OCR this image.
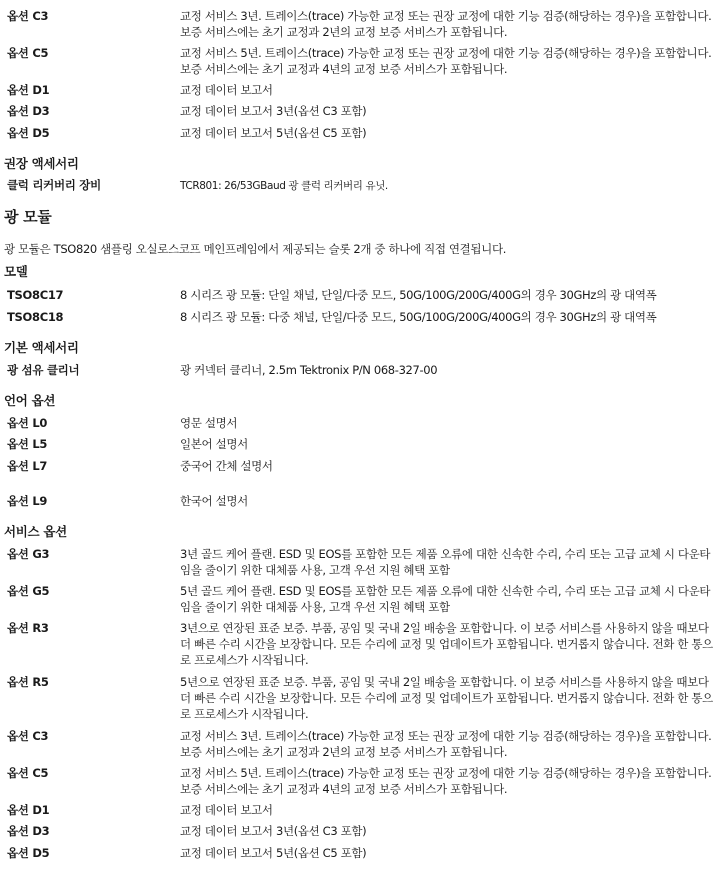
옵션 C3	교정 서비스 3년. 트레이스(trace) 가능한 교정 또는 권장 교정에 대한 기능 검증(해당하는 경우)을 포함합니다. 보증 서비스에는 초기 교정과 2년의 교정 보증 서비스가 포함됩니다.
옵션 C5	교정 서비스 5년. 트레이스(trace) 가능한 교정 또는 권장 교정에 대한 기능 검증(해당하는 경우)을 포함합니다. 보증 서비스에는 초기 교정과 4년의 교정 보증 서비스가 포함됩니다.
옵션 D1	교정 데이터 보고서
옵션 D3	교정 데이터 보고서 3년(옵션 C3 포함)
옵션 D5	교정 데이터 보고서 5년(옵션 C5 포함)
권장 액세서리
클럭 리커버리 장비	TCR801: 26/53GBaud 광 클럭 리커버리 유닛.
광 모듈
광 모듈은 TSO820 샘플링 오실로스코프 메인프레임에서 제공되는 슬롯 2개 중 하나에 직접 연결됩니다.
모델
TSO8C17	8 시리즈 광 모듈: 단일 채널, 단일/다중 모드, 50G/100G/200G/400G의 경우 30GHz의 광 대역폭
TSO8C18	8 시리즈 광 모듈: 다중 채널, 단일/다중 모드, 50G/100G/200G/400G의 경우 30GHz의 광 대역폭
기본 액세서리
광 섬유 클리너	광 커넥터 클리너, 2.5m Tektronix P/N 068-327-00
언어 옵션
옵션 L0	영문 설명서
옵션 L5	일본어 설명서
옵션 L7	중국어 간체 설명서
옵션 L9	한국어 설명서
서비스 옵션
옵션 G3	3년 골드 케어 플랜. ESD 및 EOS를 포함한 모든 제품 오류에 대한 신속한 수리, 수리 또는 고급 교체 시 다운타임을 줄이기 위한 대체품 사용, 고객 우선 지원 혜택 포함
옵션 G5	5년 골드 케어 플랜. ESD 및 EOS를 포함한 모든 제품 오류에 대한 신속한 수리, 수리 또는 고급 교체 시 다운타임을 줄이기 위한 대체품 사용, 고객 우선 지원 혜택 포함
옵션 R3	3년으로 연장된 표준 보증. 부품, 공임 및 국내 2일 배송을 포함합니다. 이 보증 서비스를 사용하지 않을 때보다 더 빠른 수리 시간을 보장합니다. 모든 수리에 교정 및 업데이트가 포함됩니다. 번거롭지 않습니다. 전화 한 통으로 프로세스가 시작됩니다.
옵션 R5	5년으로 연장된 표준 보증. 부품, 공임 및 국내 2일 배송을 포함합니다. 이 보증 서비스를 사용하지 않을 때보다 더 빠른 수리 시간을 보장합니다. 모든 수리에 교정 및 업데이트가 포함됩니다. 번거롭지 않습니다. 전화 한 통으로 프로세스가 시작됩니다.
옵션 C3	교정 서비스 3년. 트레이스(trace) 가능한 교정 또는 권장 교정에 대한 기능 검증(해당하는 경우)을 포함합니다. 보증 서비스에는 초기 교정과 2년의 교정 보증 서비스가 포함됩니다.
옵션 C5	교정 서비스 5년. 트레이스(trace) 가능한 교정 또는 권장 교정에 대한 기능 검증(해당하는 경우)을 포함합니다. 보증 서비스에는 초기 교정과 4년의 교정 보증 서비스가 포함됩니다.
옵션 D1	교정 데이터 보고서
옵션 D3	교정 데이터 보고서 3년(옵션 C3 포함)
옵션 D5	교정 데이터 보고서 5년(옵션 C5 포함)
